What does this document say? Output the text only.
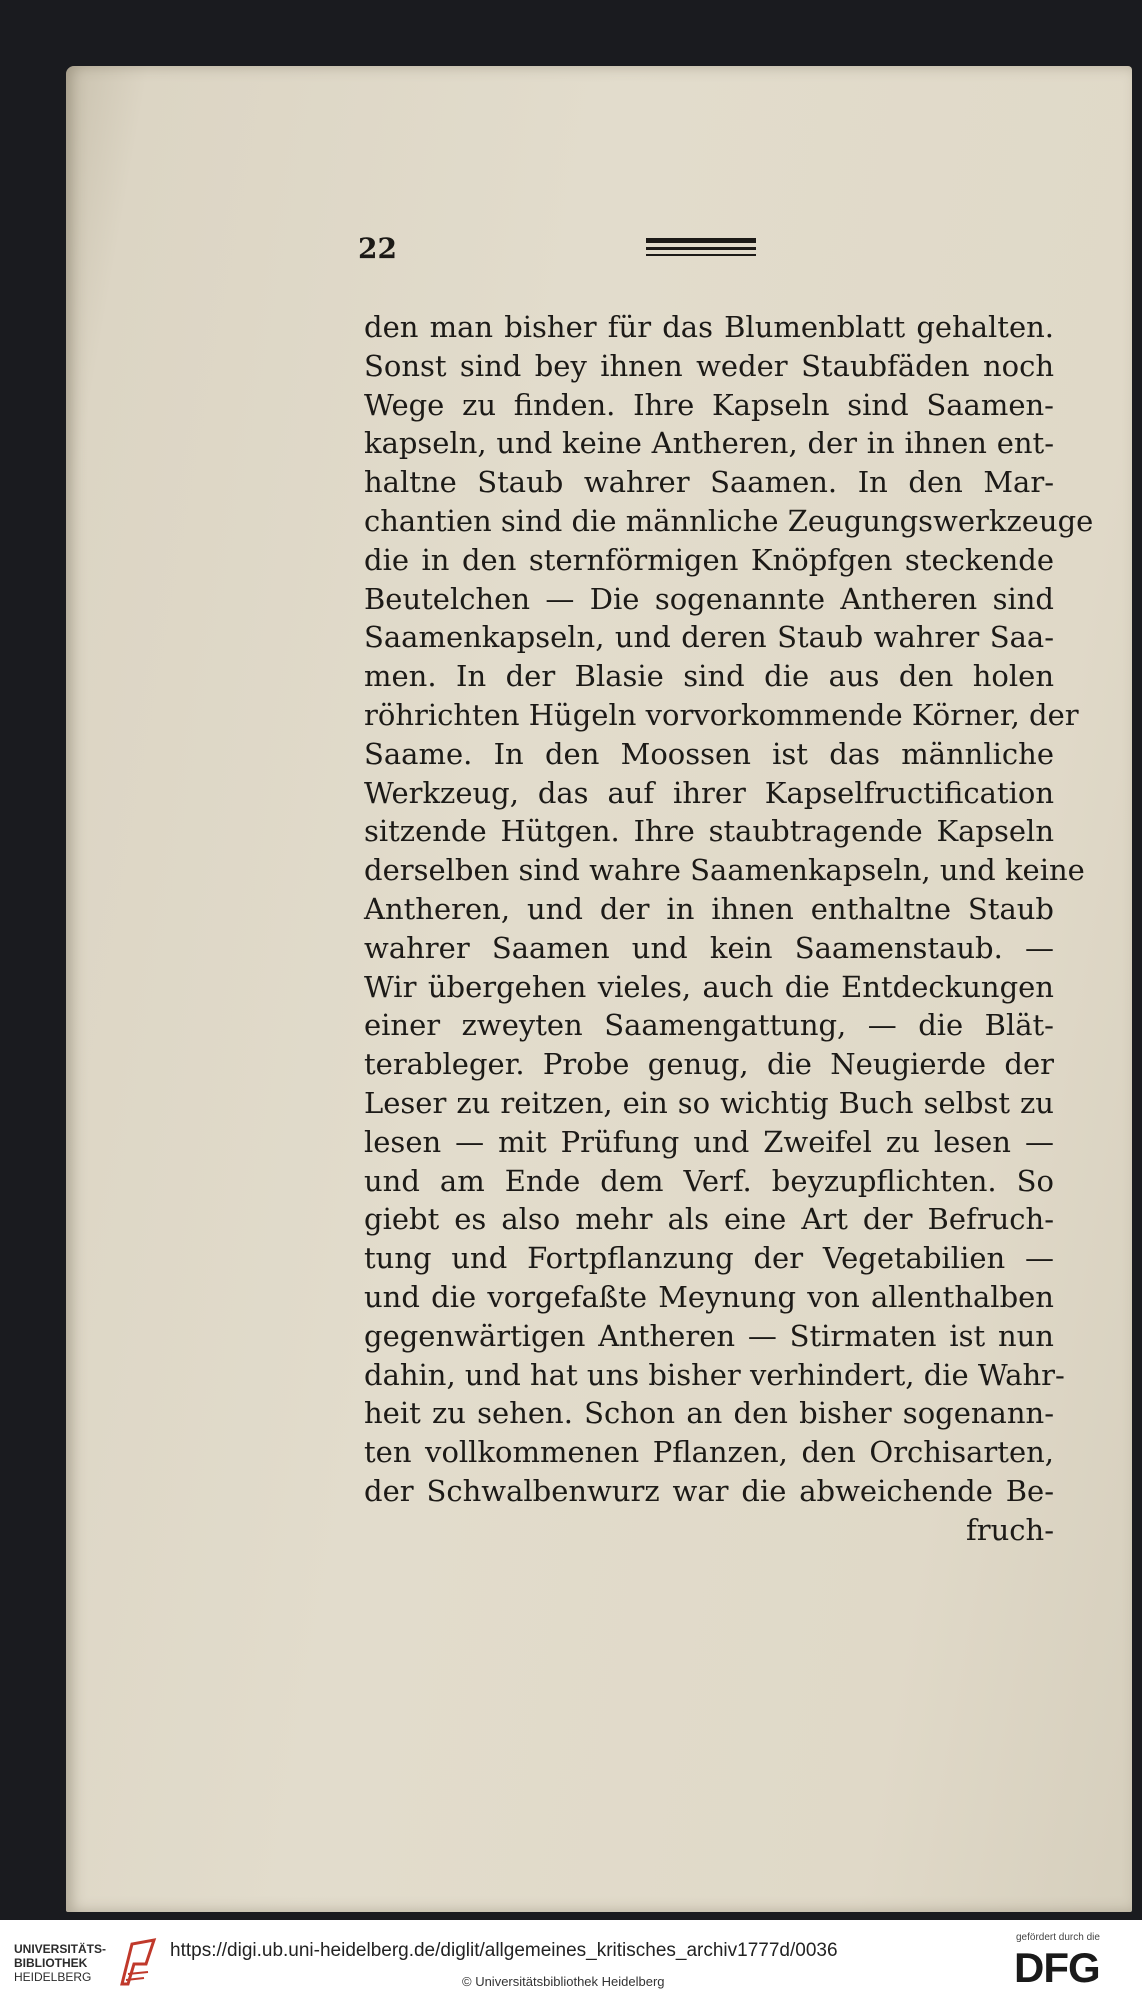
22
den man bisher für das Blumenblatt gehalten.
Sonst sind bey ihnen weder Staubfäden noch
Wege zu finden. Ihre Kapseln sind Saamen-
kapseln, und keine Antheren, der in ihnen ent-
haltne Staub wahrer Saamen. In den Mar-
chantien sind die männliche Zeugungswerkzeuge
die in den sternförmigen Knöpfgen steckende
Beutelchen — Die sogenannte Antheren sind
Saamenkapseln, und deren Staub wahrer Saa-
men. In der Blasie sind die aus den holen
röhrichten Hügeln vorvorkommende Körner, der
Saame. In den Moossen ist das männliche
Werkzeug, das auf ihrer Kapselfructification
sitzende Hütgen. Ihre staubtragende Kapseln
derselben sind wahre Saamenkapseln, und keine
Antheren, und der in ihnen enthaltne Staub
wahrer Saamen und kein Saamenstaub. —
Wir übergehen vieles, auch die Entdeckungen
einer zweyten Saamengattung, — die Blät-
terableger. Probe genug, die Neugierde der
Leser zu reitzen, ein so wichtig Buch selbst zu
lesen — mit Prüfung und Zweifel zu lesen —
und am Ende dem Verf. beyzupflichten. So
giebt es also mehr als eine Art der Befruch-
tung und Fortpflanzung der Vegetabilien —
und die vorgefaßte Meynung von allenthalben
gegenwärtigen Antheren — Stirmaten ist nun
dahin, und hat uns bisher verhindert, die Wahr-
heit zu sehen. Schon an den bisher sogenann-
ten vollkommenen Pflanzen, den Orchisarten,
der Schwalbenwurz war die abweichende Be-
fruch-
UNIVERSITÄTS-
BIBLIOTHEK
HEIDELBERG
https://digi.ub.uni-heidelberg.de/diglit/allgemeines_kritisches_archiv1777d/0036
© Universitätsbibliothek Heidelberg
gefördert durch die
DFG
